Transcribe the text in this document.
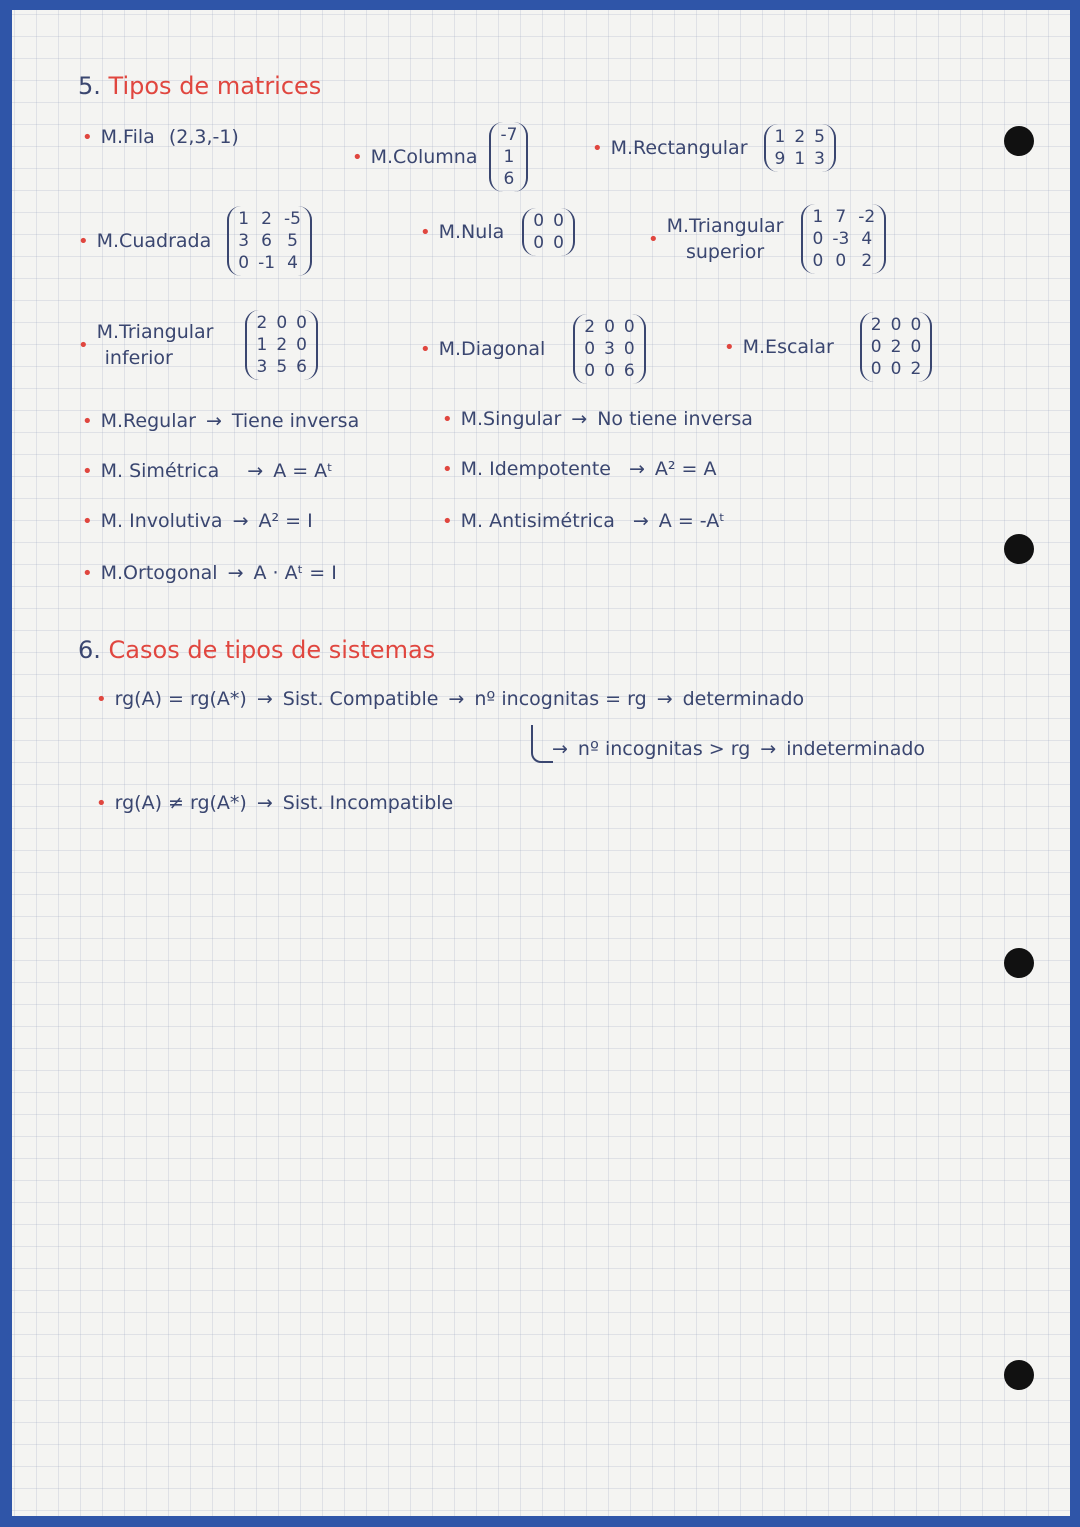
5. Tipos de matrices
• M.Fila (2,3,-1)
• M.Columna
-7
1
6
• M.Rectangular 1 2 5
9 1 3
• M.Cuadrada
1 2 -5
3 6 5
0 -1 4
• M.Nula 0 0
0 0	•
M.Triangular
superior
1 7 -2
0 -3 4
0 0 2
•
M.Triangular
inferior
2 0 0
1 2 0
3 5 6
• M.Diagonal
2 0 0
0 3 0
0 0 6
• M.Escalar
2 0 0
0 2 0
0 0 2
• M.Regular → Tiene inversa	• M.Singular → No tiene inversa
• M. Simétrica → A = Aᵗ	• M. Idempotente → A² = A
• M. Involutiva → A² = I	• M. Antisimétrica → A = -Aᵗ
• M.Ortogonal → A · Aᵗ = I
6. Casos de tipos de sistemas
• rg(A) = rg(A*) → Sist. Compatible → nº incognitas = rg → determinado
→ nº incognitas > rg → indeterminado
• rg(A) ≠ rg(A*) → Sist. Incompatible
